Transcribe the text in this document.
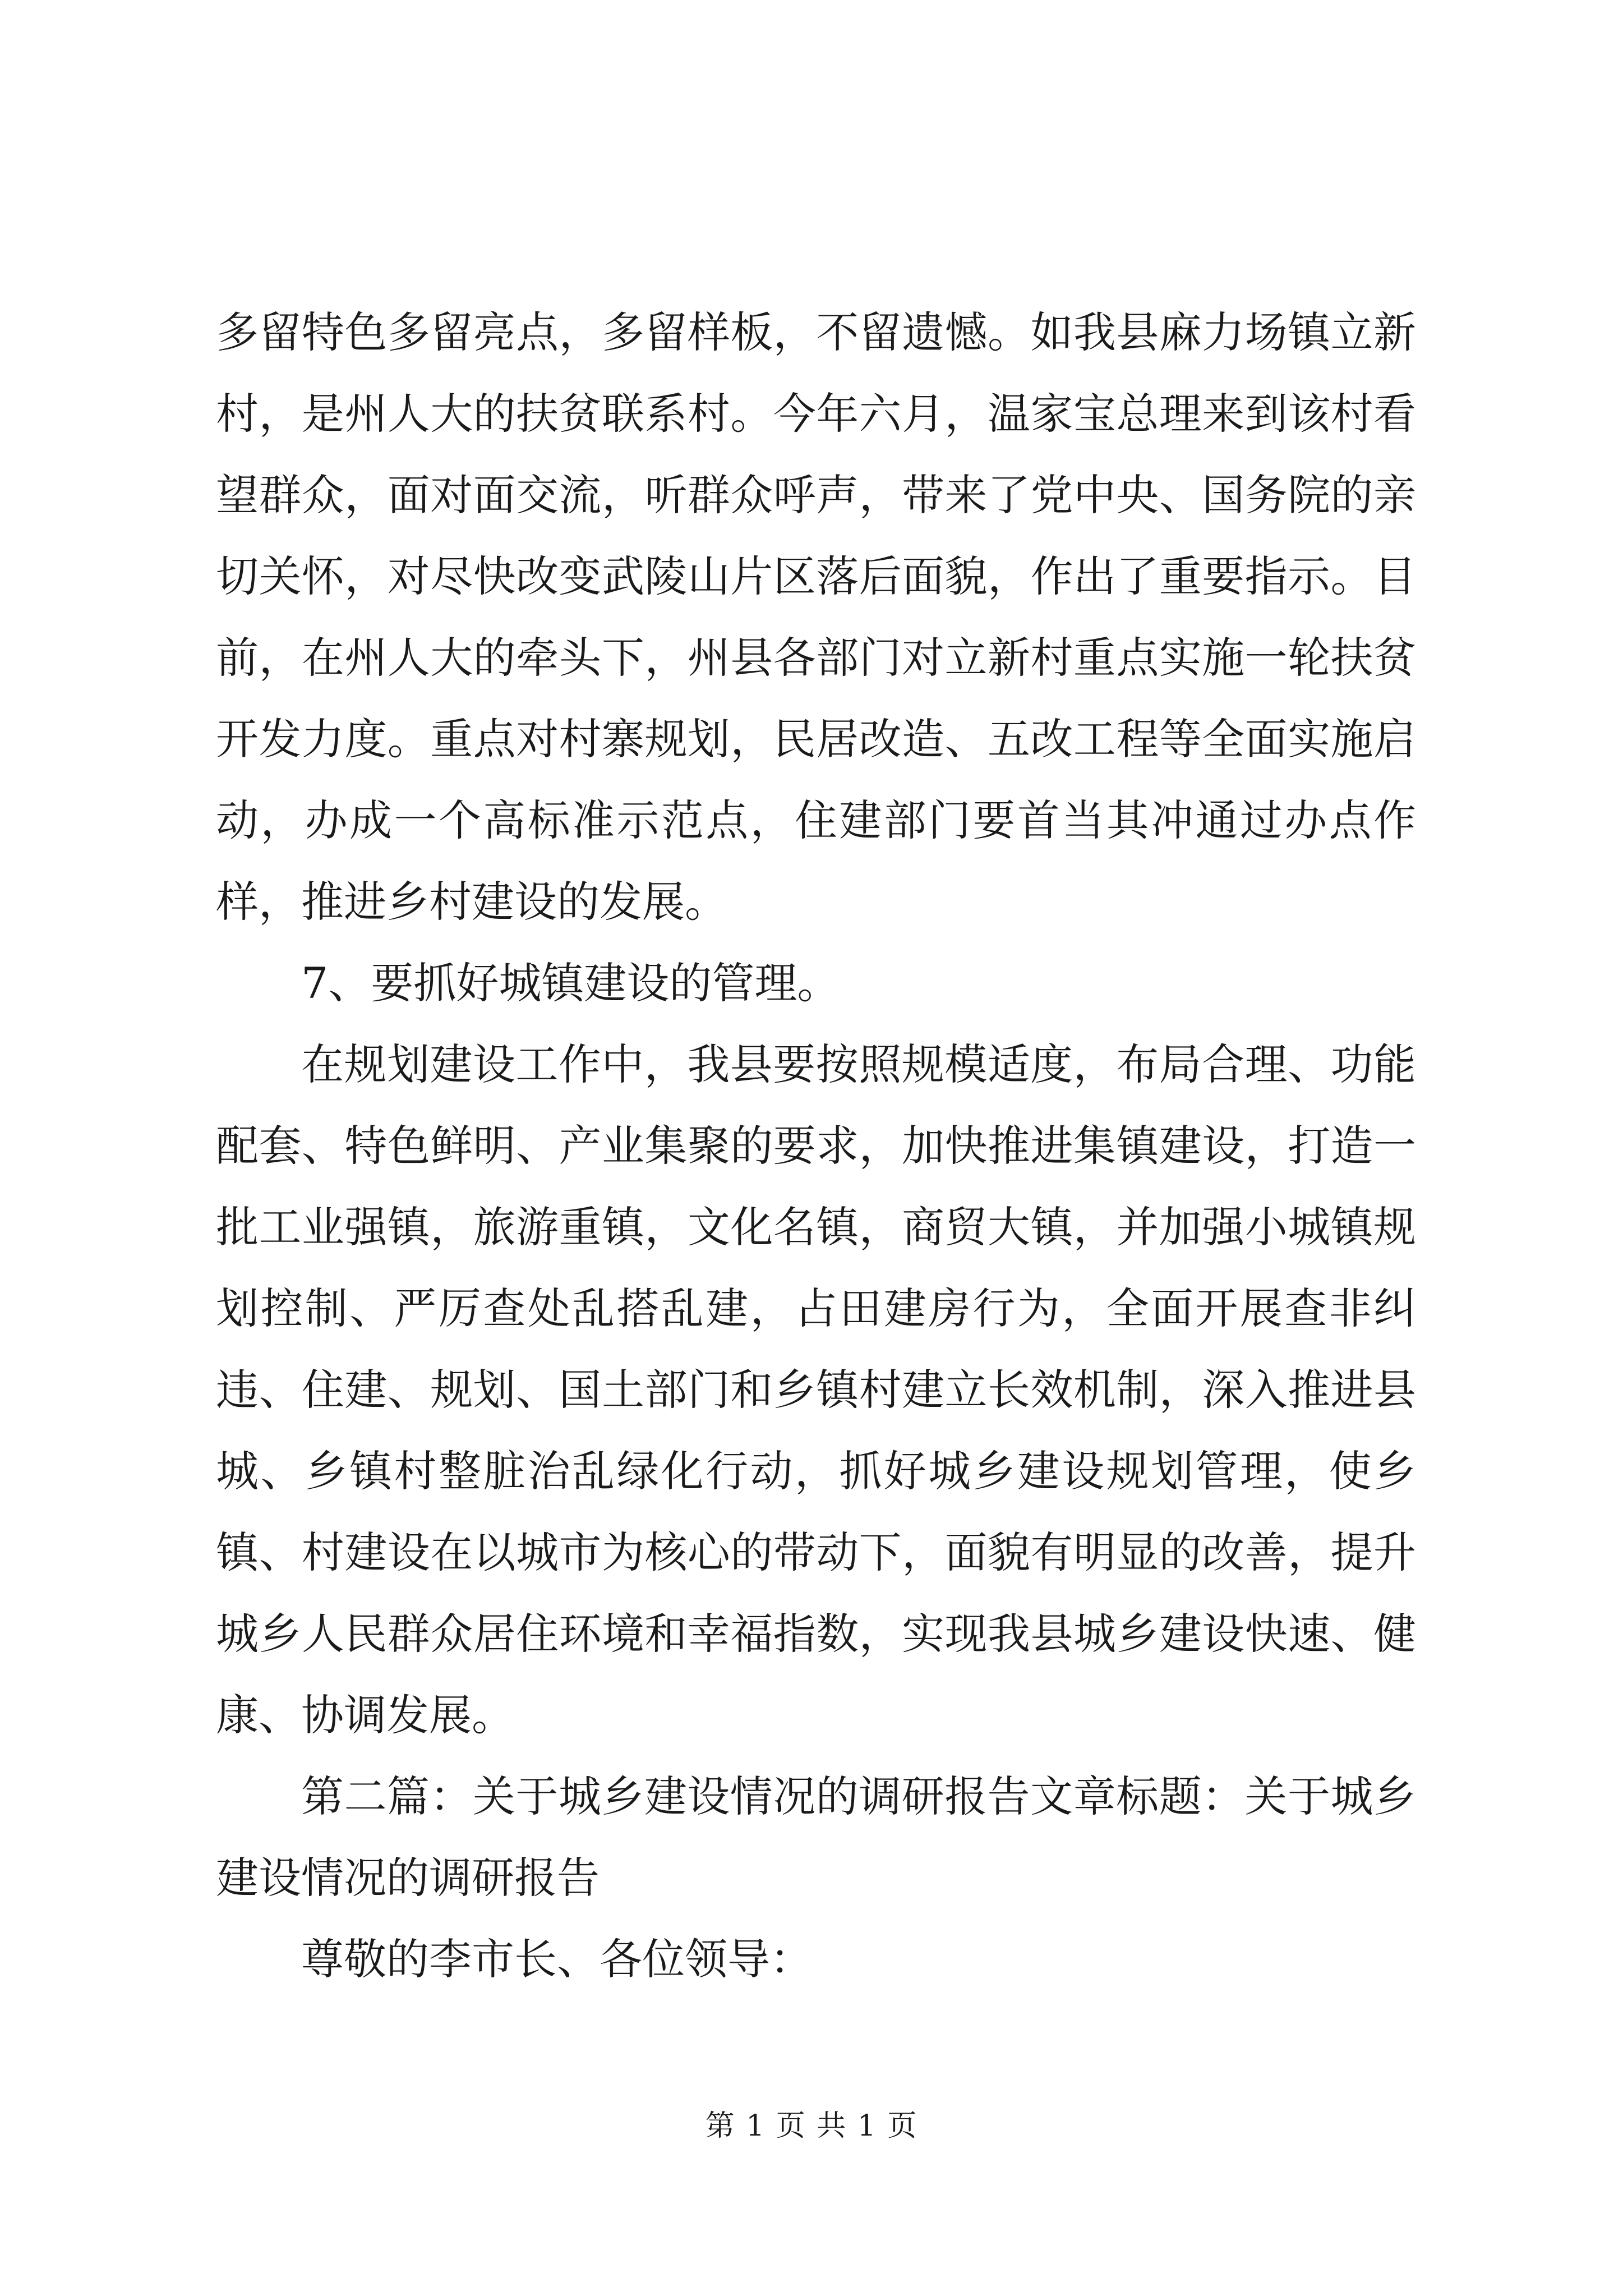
多留特色多留亮点，多留样板，不留遗憾。如我县麻力场镇立新村，是州人大的扶贫联系村。今年六月，温家宝总理来到该村看望群众，面对面交流，听群众呼声，带来了党中央、国务院的亲切关怀，对尽快改变武陵山片区落后面貌，作出了重要指示。目前，在州人大的牵头下，州县各部门对立新村重点实施一轮扶贫开发力度。重点对村寨规划，民居改造、五改工程等全面实施启动，办成一个高标准示范点，住建部门要首当其冲通过办点作样，推进乡村建设的发展。

7、要抓好城镇建设的管理。

在规划建设工作中，我县要按照规模适度，布局合理、功能配套、特色鲜明、产业集聚的要求，加快推进集镇建设，打造一批工业强镇，旅游重镇，文化名镇，商贸大镇，并加强小城镇规划控制、严厉查处乱搭乱建，占田建房行为，全面开展查非纠违、住建、规划、国土部门和乡镇村建立长效机制，深入推进县城、乡镇村整脏治乱绿化行动，抓好城乡建设规划管理，使乡镇、村建设在以城市为核心的带动下，面貌有明显的改善，提升城乡人民群众居住环境和幸福指数，实现我县城乡建设快速、健康、协调发展。

第二篇：关于城乡建设情况的调研报告文章标题：关于城乡建设情况的调研报告

尊敬的李市长、各位领导：

第 1 页 共 1 页
